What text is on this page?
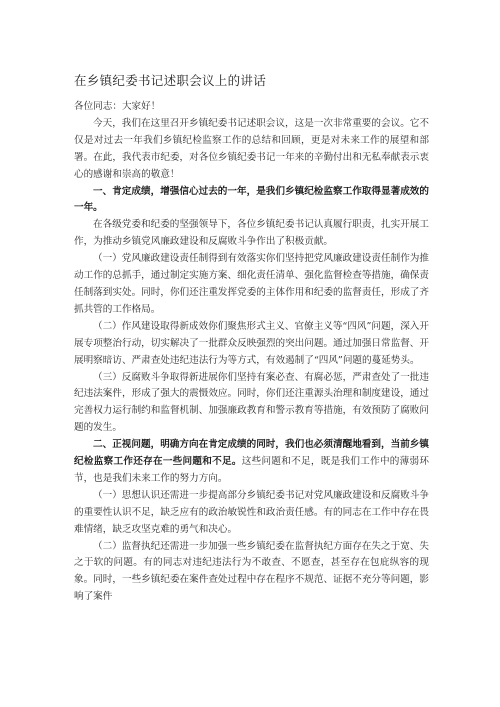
在乡镇纪委书记述职会议上的讲话

各位同志：大家好！

今天，我们在这里召开乡镇纪委书记述职会议，这是一次非常重要的会议。它不仅是对过去一年我们乡镇纪检监察工作的总结和回顾，更是对未来工作的展望和部署。在此，我代表市纪委，对各位乡镇纪委书记一年来的辛勤付出和无私奉献表示衷心的感谢和崇高的敬意！

一、肯定成绩，增强信心过去的一年，是我们乡镇纪检监察工作取得显著成效的一年。

在各级党委和纪委的坚强领导下，各位乡镇纪委书记认真履行职责，扎实开展工作，为推动乡镇党风廉政建设和反腐败斗争作出了积极贡献。

（一）党风廉政建设责任制得到有效落实你们坚持把党风廉政建设责任制作为推动工作的总抓手，通过制定实施方案、细化责任清单、强化监督检查等措施，确保责任制落到实处。同时，你们还注重发挥党委的主体作用和纪委的监督责任，形成了齐抓共管的工作格局。

（二）作风建设取得新成效你们聚焦形式主义、官僚主义等“四风”问题，深入开展专项整治行动，切实解决了一批群众反映强烈的突出问题。通过加强日常监督、开展明察暗访、严肃查处违纪违法行为等方式，有效遏制了“四风”问题的蔓延势头。

（三）反腐败斗争取得新进展你们坚持有案必查、有腐必惩，严肃查处了一批违纪违法案件，形成了强大的震慑效应。同时，你们还注重源头治理和制度建设，通过完善权力运行制约和监督机制、加强廉政教育和警示教育等措施，有效预防了腐败问题的发生。

二、正视问题，明确方向在肯定成绩的同时，我们也必须清醒地看到，当前乡镇纪检监察工作还存在一些问题和不足。这些问题和不足，既是我们工作中的薄弱环节，也是我们未来工作的努力方向。

（一）思想认识还需进一步提高部分乡镇纪委书记对党风廉政建设和反腐败斗争的重要性认识不足，缺乏应有的政治敏锐性和政治责任感。有的同志在工作中存在畏难情绪，缺乏攻坚克难的勇气和决心。

（二）监督执纪还需进一步加强一些乡镇纪委在监督执纪方面存在失之于宽、失之于软的问题。有的同志对违纪违法行为不敢查、不愿查，甚至存在包庇纵容的现象。同时，一些乡镇纪委在案件查处过程中存在程序不规范、证据不充分等问题，影响了案件
